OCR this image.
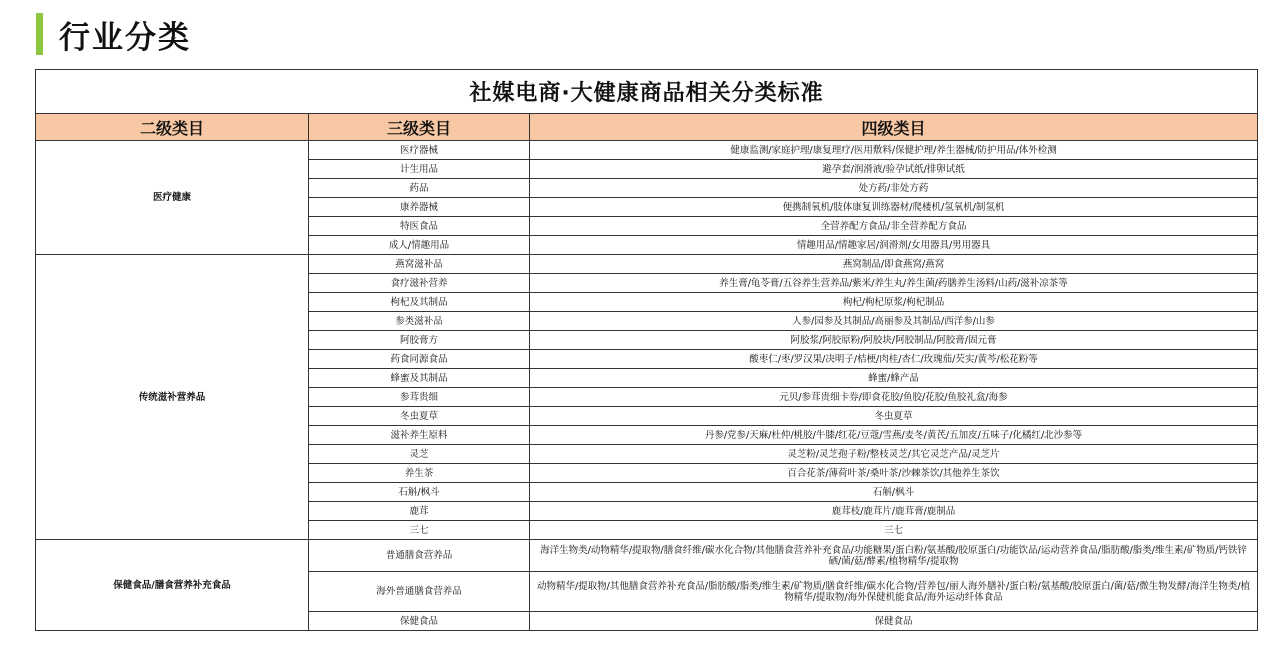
行业分类
社媒电商·大健康商品相关分类标准		
二级类目	三级类目	四级类目
医疗健康	医疗器械	健康监测/家庭护理/康复理疗/医用敷料/保健护理/养生器械/防护用品/体外检测
	计生用品	避孕套/润滑液/验孕试纸/排卵试纸
	药品	处方药/非处方药
	康养器械	便携制氧机/肢体康复训练器材/爬楼机/氢氧机/制氢机
	特医食品	全营养配方食品/非全营养配方食品
	成人/情趣用品	情趣用品/情趣家居/润滑剂/女用器具/男用器具
传统滋补营养品	燕窝滋补品	燕窝制品/即食燕窝/燕窝
	食疗滋补营养	养生膏/龟苓膏/五谷养生营养品/紫米/养生丸/养生菌/药膳养生汤料/山药/滋补凉茶等
	枸杞及其制品	枸杞/枸杞原浆/枸杞制品
	参类滋补品	人参/园参及其制品/高丽参及其制品/西洋参/山参
	阿胶膏方	阿胶浆/阿胶原粉/阿胶块/阿胶制品/阿胶膏/固元膏
	药食同源食品	酸枣仁/枣/罗汉果/决明子/桔梗/肉桂/杏仁/玫瑰茄/芡实/黄芩/松花粉等
	蜂蜜及其制品	蜂蜜/蜂产品
	参茸贵细	元贝/参茸贵细卡券/即食花胶/鱼胶/花胶/鱼胶礼盒/海参
	冬虫夏草	冬虫夏草
	滋补养生原料	丹参/党参/天麻/杜仲/桃胶/牛膝/红花/豆蔻/雪燕/麦冬/黄芪/五加皮/五味子/化橘红/北沙参等
	灵芝	灵芝粉/灵芝孢子粉/整枝灵芝/其它灵芝产品/灵芝片
	养生茶	百合花茶/薄荷叶茶/桑叶茶/沙棘茶饮/其他养生茶饮
	石斛/枫斗	石斛/枫斗
	鹿茸	鹿茸枝/鹿茸片/鹿茸膏/鹿制品
	三七	三七
保健食品/膳食营养补充食品	普通膳食营养品	海洋生物类/动物精华/提取物/膳食纤维/碳水化合物/其他膳食营养补充食品/功能糖果/蛋白粉/氨基酸/胶原蛋白/功能饮品/运动营养食品/脂肪酸/脂类/维生素/矿物质/钙铁锌硒/菌/菇/酵素/植物精华/提取物
	海外普通膳食营养品	动物精华/提取物/其他膳食营养补充食品/脂肪酸/脂类/维生素/矿物质/膳食纤维/碳水化合物/营养包/丽人海外膳补/蛋白粉/氨基酸/胶原蛋白/菌/菇/微生物发酵/海洋生物类/植物精华/提取物/海外保健机能食品/海外运动纤体食品
	保健食品	保健食品
